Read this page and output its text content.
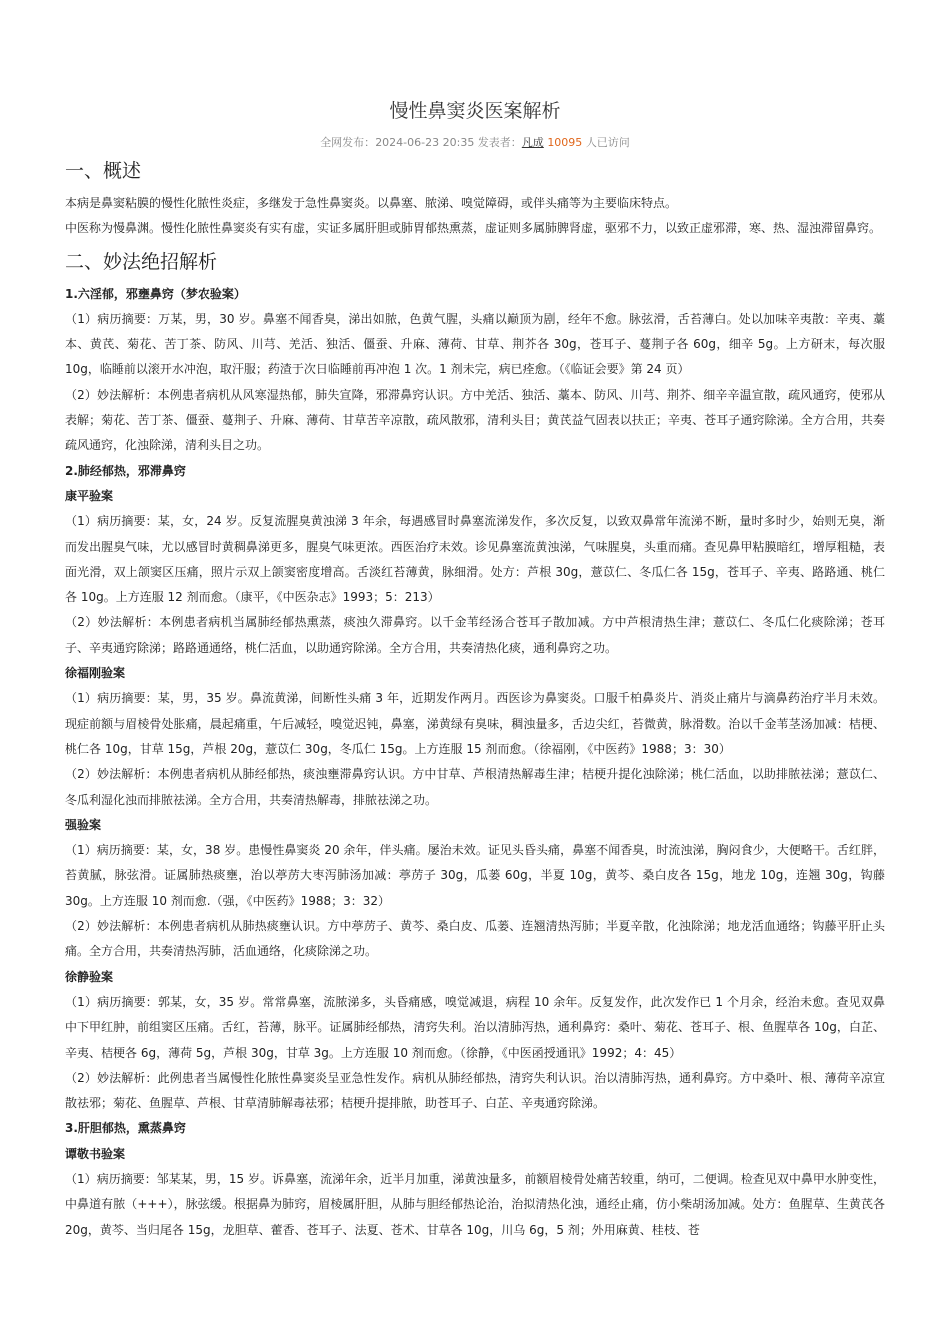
慢性鼻窦炎医案解析
全网发布：2024-06-23 20:35 发表者：凡成 10095 人已访问
一、概述

本病是鼻窦粘膜的慢性化脓性炎症，多继发于急性鼻窦炎。以鼻塞、脓涕、嗅觉障碍，或伴头痛等为主要临床特点。

中医称为慢鼻渊。慢性化脓性鼻窦炎有实有虚，实证多属肝胆或肺胃郁热熏蒸，虚证则多属肺脾肾虚，驱邪不力，以致正虚邪滞，寒、热、湿浊滞留鼻窍。

二、妙法绝招解析

1.六淫郁，邪壅鼻窍（梦农验案）

（1）病历摘要：万某，男，30 岁。鼻塞不闻香臭，涕出如脓，色黄气腥，头痛以巅顶为剧，经年不愈。脉弦滑，舌苔薄白。处以加味辛夷散：辛夷、藁本、黄芪、菊花、苦丁茶、防风、川芎、羌活、独活、僵蚕、升麻、薄荷、甘草、荆芥各 30g，苍耳子、蔓荆子各 60g，细辛 5g。上方研末，每次服 10g，临睡前以滚开水冲泡，取汗服；药渣于次日临睡前再冲泡 1 次。1 剂未完，病已痊愈。（《临证会要》第 24 页）

（2）妙法解析：本例患者病机从风寒湿热郁，肺失宣降，邪滞鼻窍认识。方中羌活、独活、藁本、防风、川芎、荆芥、细辛辛温宣散，疏风通窍，使邪从表解；菊花、苦丁茶、僵蚕、蔓荆子、升麻、薄荷、甘草苦辛凉散，疏风散邪，清利头目；黄芪益气固表以扶正；辛夷、苍耳子通窍除涕。全方合用，共奏疏风通窍，化浊除涕，清利头目之功。

2.肺经郁热，邪滞鼻窍

康平验案

（1）病历摘要：某，女，24 岁。反复流腥臭黄浊涕 3 年余，每遇感冒时鼻塞流涕发作，多次反复，以致双鼻常年流涕不断，量时多时少，始则无臭，渐而发出腥臭气味，尤以感冒时黄稠鼻涕更多，腥臭气味更浓。西医治疗未效。诊见鼻塞流黄浊涕，气味腥臭，头重而痛。查见鼻甲粘膜暗红，增厚粗糙，表面光滑，双上颌窦区压痛，照片示双上颌窦密度增高。舌淡红苔薄黄，脉细滑。处方：芦根 30g，薏苡仁、冬瓜仁各 15g，苍耳子、辛夷、路路通、桃仁各 10g。上方连服 12 剂而愈。（康平，《中医杂志》1993；5：213）

（2）妙法解析：本例患者病机当属肺经郁热熏蒸，痰浊久滞鼻窍。以千金苇经汤合苍耳子散加减。方中芦根清热生津；薏苡仁、冬瓜仁化痰除涕；苍耳子、辛夷通窍除涕；路路通通络，桃仁活血，以助通窍除涕。全方合用，共奏清热化痰，通利鼻窍之功。

徐福刚验案

（1）病历摘要：某，男，35 岁。鼻流黄涕，间断性头痛 3 年，近期发作两月。西医诊为鼻窦炎。口服千柏鼻炎片、消炎止痛片与滴鼻药治疗半月未效。现症前额与眉棱骨处胀痛，晨起痛重，午后减轻，嗅觉迟钝，鼻塞，涕黄绿有臭味，稠浊量多，舌边尖红，苔微黄，脉滑数。治以千金苇茎汤加减：桔梗、桃仁各 10g，甘草 15g，芦根 20g，薏苡仁 30g，冬瓜仁 15g。上方连服 15 剂而愈。（徐福刚，《中医药》1988；3：30）

（2）妙法解析：本例患者病机从肺经郁热，痰浊壅滞鼻窍认识。方中甘草、芦根清热解毒生津；桔梗升提化浊除涕；桃仁活血，以助排脓祛涕；薏苡仁、冬瓜利湿化浊而排脓祛涕。全方合用，共奏清热解毒，排脓祛涕之功。

强验案

（1）病历摘要：某，女，38 岁。患慢性鼻窦炎 20 余年，伴头痛。屡治未效。证见头昏头痛，鼻塞不闻香臭，时流浊涕，胸闷食少，大便略干。舌红胖，苔黄腻，脉弦滑。证属肺热痰壅，治以葶苈大枣泻肺汤加减：葶苈子 30g，瓜蒌 60g，半夏 10g，黄芩、桑白皮各 15g，地龙 10g，连翘 30g，钩藤 30g。上方连服 10 剂而愈.（强，《中医药》1988；3：32）

（2）妙法解析：本例患者病机从肺热痰壅认识。方中葶苈子、黄芩、桑白皮、瓜蒌、连翘清热泻肺；半夏辛散，化浊除涕；地龙活血通络；钩藤平肝止头痛。全方合用，共奏清热泻肺，活血通络，化痰除涕之功。

徐静验案

（1）病历摘要：郭某，女，35 岁。常常鼻塞，流脓涕多，头昏痛感，嗅觉减退，病程 10 余年。反复发作，此次发作已 1 个月余，经治未愈。查见双鼻中下甲红肿，前组窦区压痛。舌红，苔薄，脉平。证属肺经郁热，清窍失利。治以清肺泻热，通利鼻窍：桑叶、菊花、苍耳子、根、鱼腥草各 10g，白芷、辛夷、桔梗各 6g，薄荷 5g，芦根 30g，甘草 3g。上方连服 10 剂而愈。（徐静，《中医函授通讯》1992；4：45）

（2）妙法解析：此例患者当属慢性化脓性鼻窦炎呈亚急性发作。病机从肺经郁热，清窍失利认识。治以清肺泻热，通利鼻窍。方中桑叶、根、薄荷辛凉宣散祛邪；菊花、鱼腥草、芦根、甘草清肺解毒祛邪；桔梗升提排脓，助苍耳子、白芷、辛夷通窍除涕。

3.肝胆郁热，熏蒸鼻窍

谭敬书验案

（1）病历摘要：邹某某，男，15 岁。诉鼻塞，流涕年余，近半月加重，涕黄浊量多，前额眉棱骨处痛苦较重，纳可，二便调。检查见双中鼻甲水肿变性，中鼻道有脓（+++），脉弦缓。根据鼻为肺窍，眉棱属肝胆，从肺与胆经郁热论治，治拟清热化浊，通经止痛，仿小柴胡汤加减。处方：鱼腥草、生黄芪各 20g，黄芩、当归尾各 15g，龙胆草、藿香、苍耳子、法夏、苍术、甘草各 10g，川乌 6g，5 剂；外用麻黄、桂枝、苍
